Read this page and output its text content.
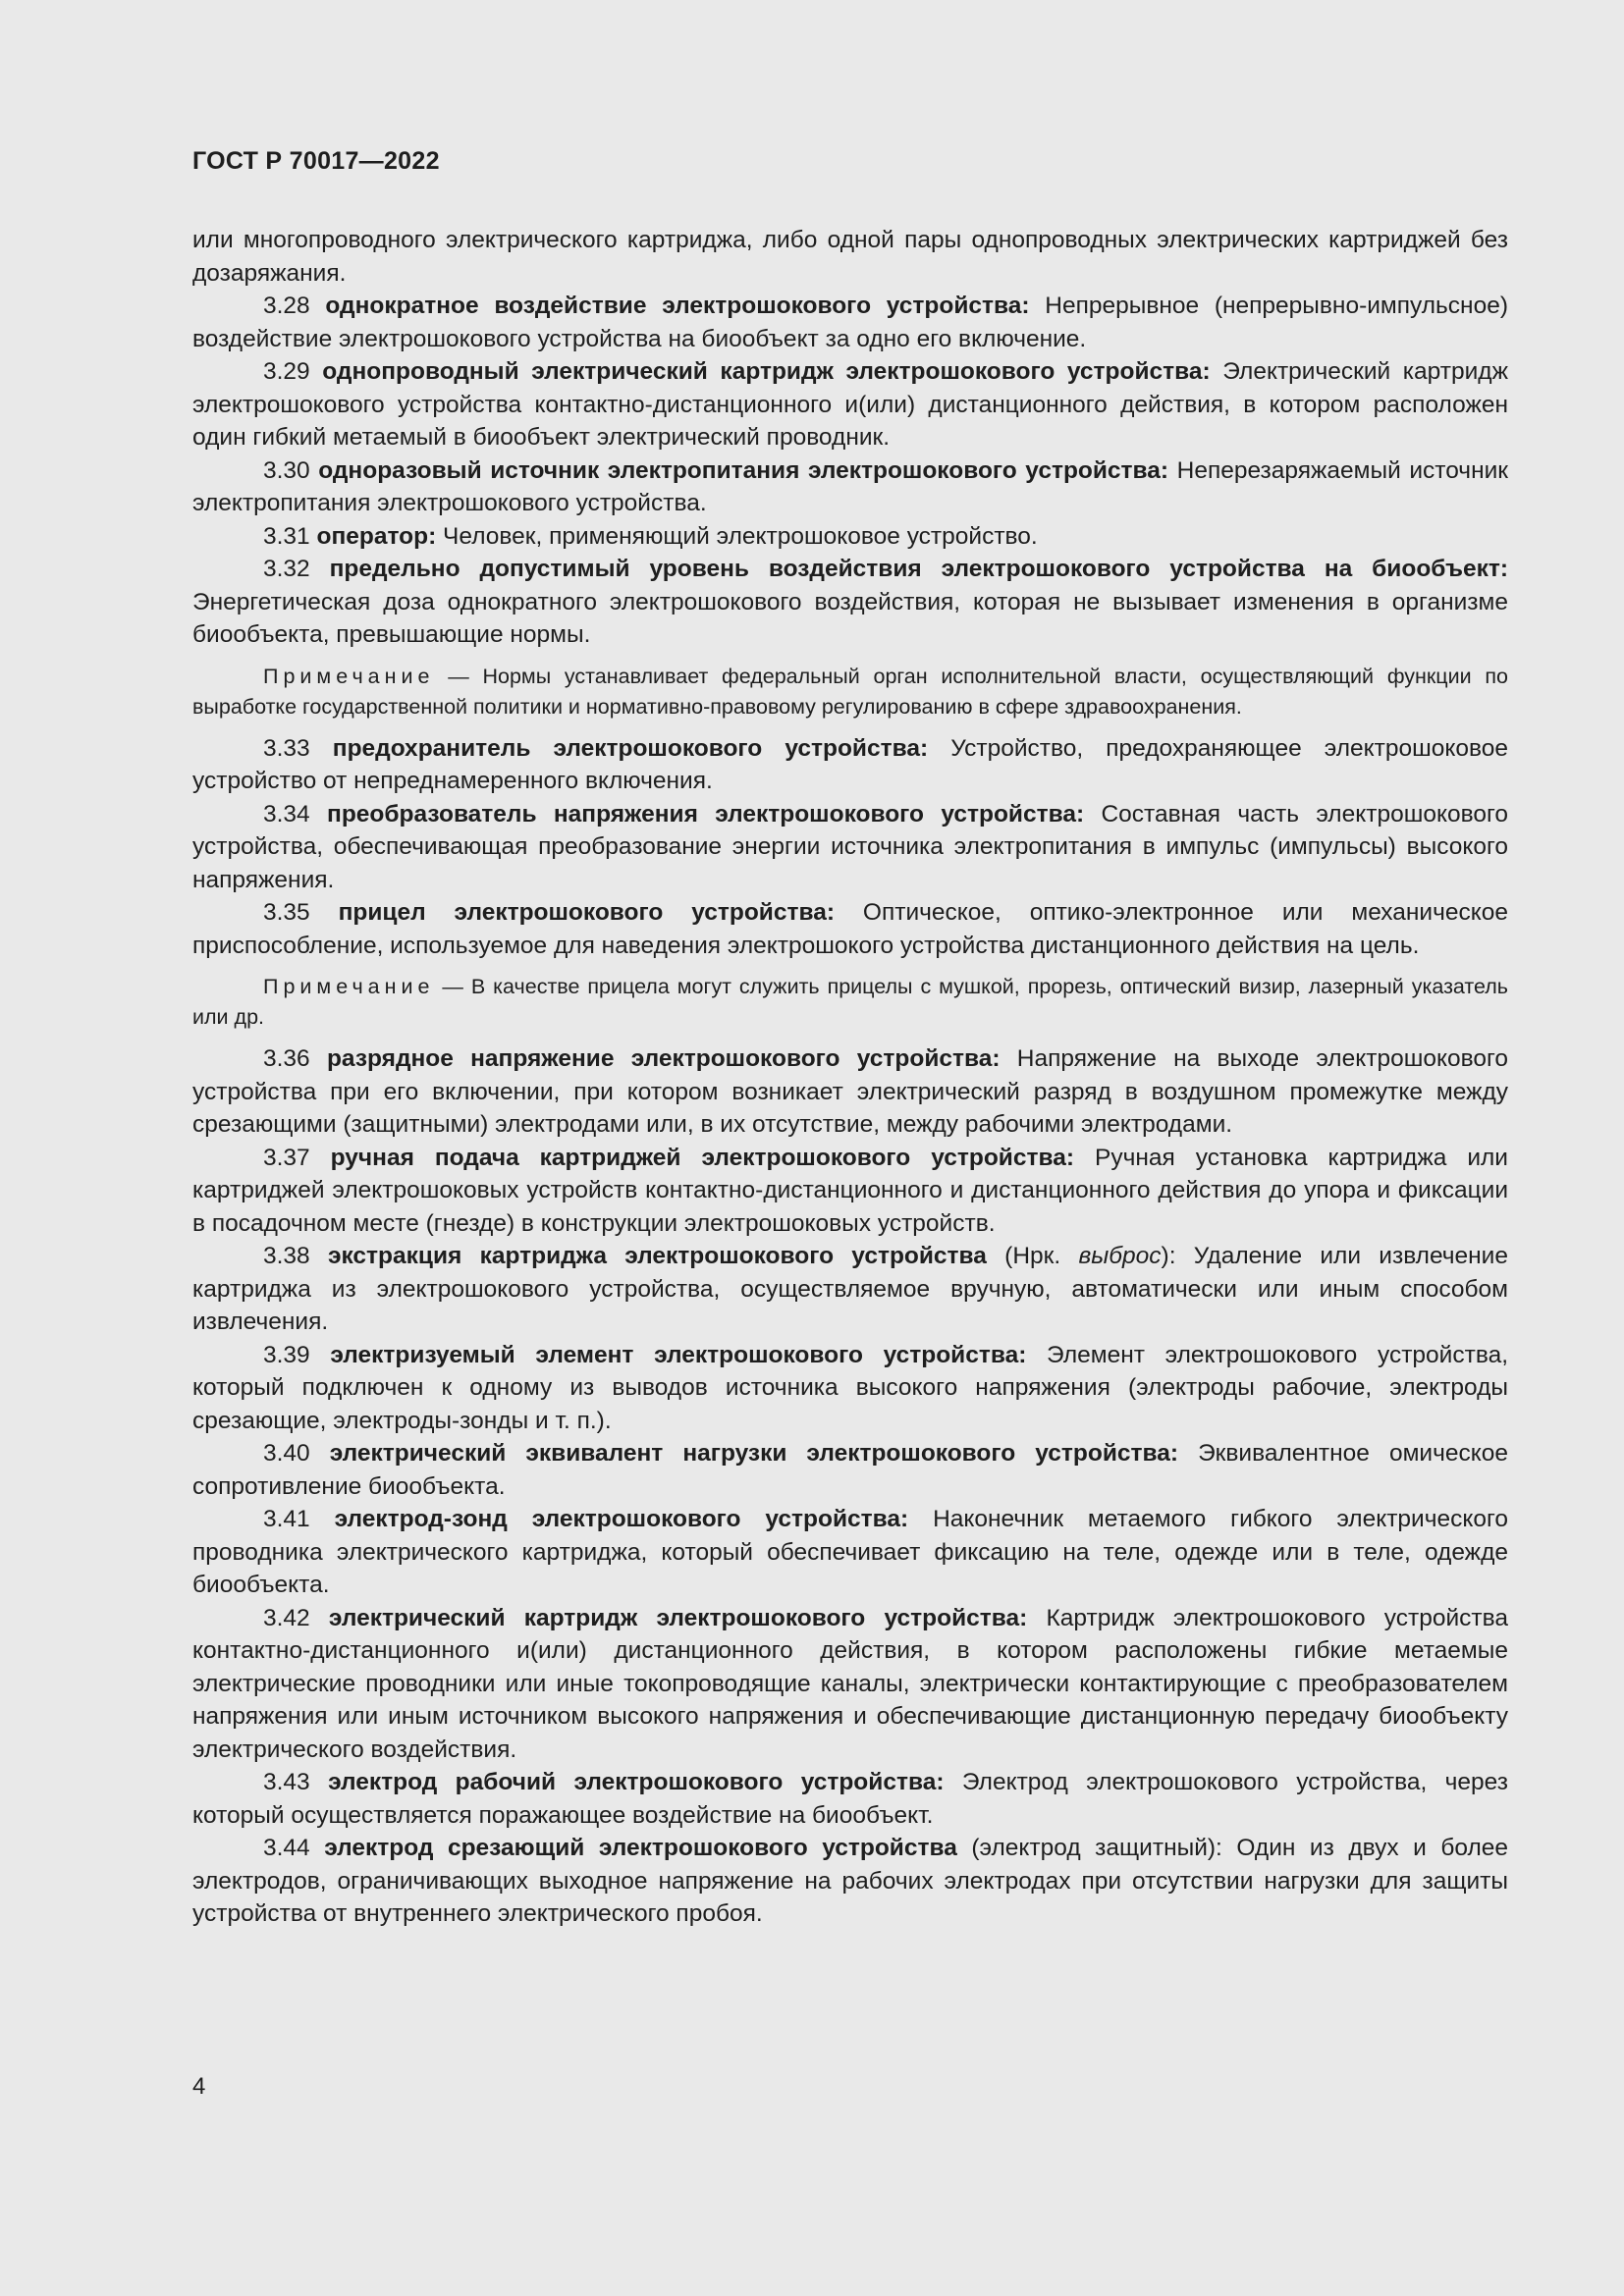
ГОСТ Р 70017—2022

или многопроводного электрического картриджа, либо одной пары однопроводных электрических картриджей без дозаряжания.

3.28 однократное воздействие электрошокового устройства: Непрерывное (непрерывно-импульсное) воздействие электрошокового устройства на биообъект за одно его включение.

3.29 однопроводный электрический картридж электрошокового устройства: Электрический картридж электрошокового устройства контактно-дистанционного и(или) дистанционного действия, в котором расположен один гибкий метаемый в биообъект электрический проводник.

3.30 одноразовый источник электропитания электрошокового устройства: Неперезаряжаемый источник электропитания электрошокового устройства.

3.31 оператор: Человек, применяющий электрошоковое устройство.

3.32 предельно допустимый уровень воздействия электрошокового устройства на биообъект: Энергетическая доза однократного электрошокового воздействия, которая не вызывает изменения в организме биообъекта, превышающие нормы.

Примечание — Нормы устанавливает федеральный орган исполнительной власти, осуществляющий функции по выработке государственной политики и нормативно-правовому регулированию в сфере здравоохранения.

3.33 предохранитель электрошокового устройства: Устройство, предохраняющее электрошоковое устройство от непреднамеренного включения.

3.34 преобразователь напряжения электрошокового устройства: Составная часть электрошокового устройства, обеспечивающая преобразование энергии источника электропитания в импульс (импульсы) высокого напряжения.

3.35 прицел электрошокового устройства: Оптическое, оптико-электронное или механическое приспособление, используемое для наведения электрошокого устройства дистанционного действия на цель.

Примечание — В качестве прицела могут служить прицелы с мушкой, прорезь, оптический визир, лазерный указатель или др.

3.36 разрядное напряжение электрошокового устройства: Напряжение на выходе электрошокового устройства при его включении, при котором возникает электрический разряд в воздушном промежутке между срезающими (защитными) электродами или, в их отсутствие, между рабочими электродами.

3.37 ручная подача картриджей электрошокового устройства: Ручная установка картриджа или картриджей электрошоковых устройств контактно-дистанционного и дистанционного действия до упора и фиксации в посадочном месте (гнезде) в конструкции электрошоковых устройств.

3.38 экстракция картриджа электрошокового устройства (Нрк. выброс): Удаление или извлечение картриджа из электрошокового устройства, осуществляемое вручную, автоматически или иным способом извлечения.

3.39 электризуемый элемент электрошокового устройства: Элемент электрошокового устройства, который подключен к одному из выводов источника высокого напряжения (электроды рабочие, электроды срезающие, электроды-зонды и т. п.).

3.40 электрический эквивалент нагрузки электрошокового устройства: Эквивалентное омическое сопротивление биообъекта.

3.41 электрод-зонд электрошокового устройства: Наконечник метаемого гибкого электрического проводника электрического картриджа, который обеспечивает фиксацию на теле, одежде или в теле, одежде биообъекта.

3.42 электрический картридж электрошокового устройства: Картридж электрошокового устройства контактно-дистанционного и(или) дистанционного действия, в котором расположены гибкие метаемые электрические проводники или иные токопроводящие каналы, электрически контактирующие с преобразователем напряжения или иным источником высокого напряжения и обеспечивающие дистанционную передачу биообъекту электрического воздействия.

3.43 электрод рабочий электрошокового устройства: Электрод электрошокового устройства, через который осуществляется поражающее воздействие на биообъект.

3.44 электрод срезающий электрошокового устройства (электрод защитный): Один из двух и более электродов, ограничивающих выходное напряжение на рабочих электродах при отсутствии нагрузки для защиты устройства от внутреннего электрического пробоя.

4
